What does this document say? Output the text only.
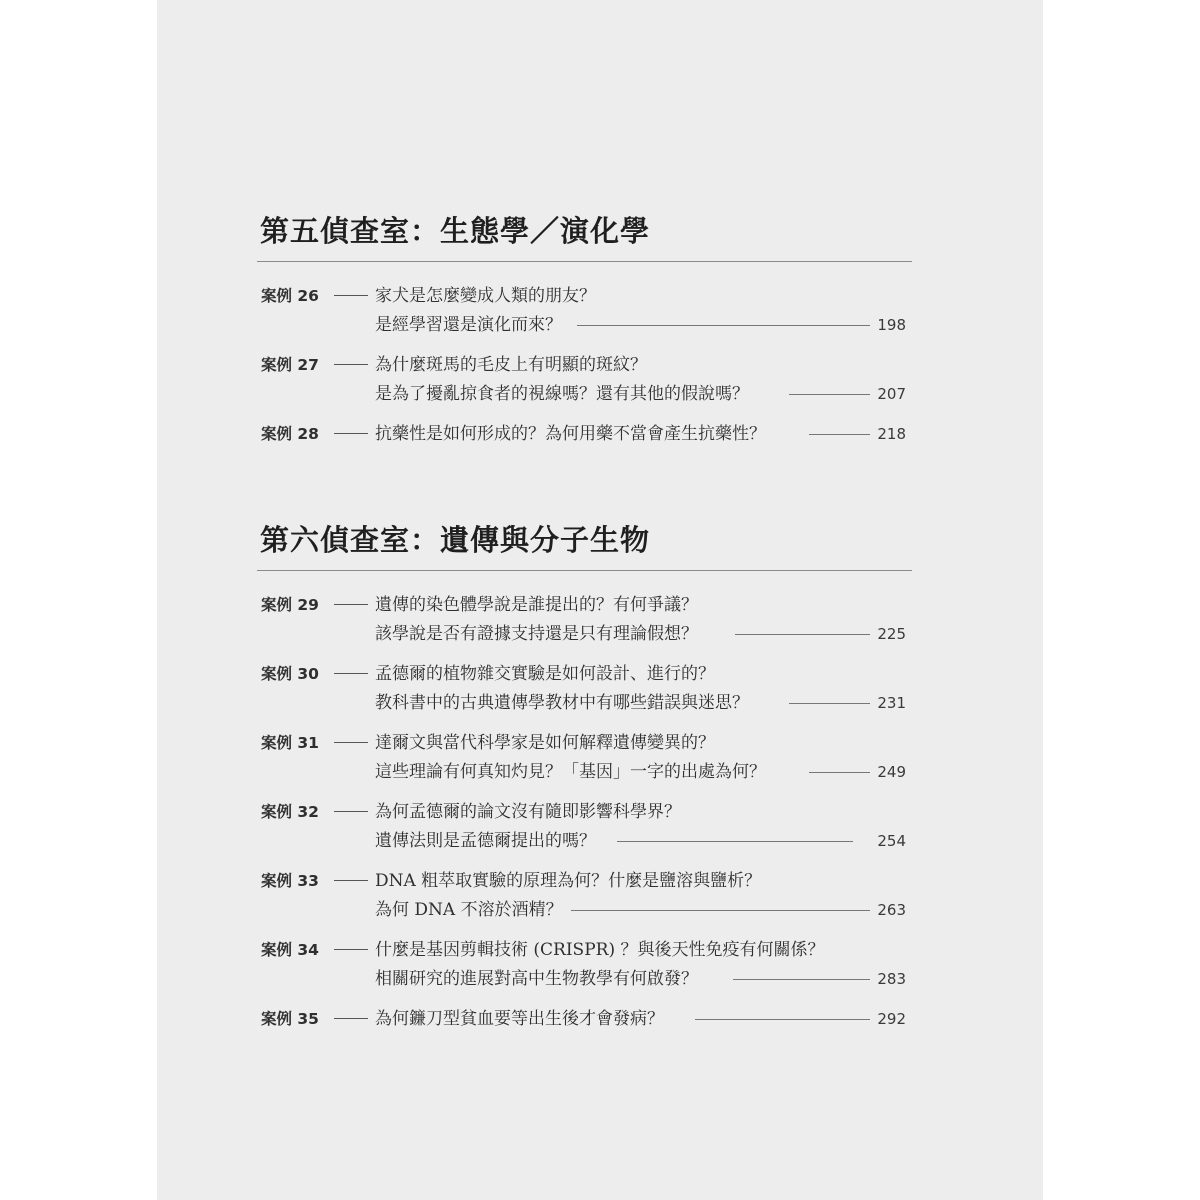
第五偵查室：生態學／演化學
案例 26	家犬是怎麼變成人類的朋友？
是經學習還是演化而來？	198
案例 27	為什麼斑馬的毛皮上有明顯的斑紋？
是為了擾亂掠食者的視線嗎？還有其他的假說嗎？	207
案例 28	抗藥性是如何形成的？為何用藥不當會產生抗藥性？	218
第六偵查室：遺傳與分子生物
案例 29	遺傳的染色體學說是誰提出的？有何爭議？
該學說是否有證據支持還是只有理論假想？	225
案例 30	孟德爾的植物雜交實驗是如何設計、進行的？
教科書中的古典遺傳學教材中有哪些錯誤與迷思？	231
案例 31	達爾文與當代科學家是如何解釋遺傳變異的？
這些理論有何真知灼見？「基因」一字的出處為何？	249
案例 32	為何孟德爾的論文沒有隨即影響科學界？
遺傳法則是孟德爾提出的嗎？	254
案例 33	DNA 粗萃取實驗的原理為何？什麼是鹽溶與鹽析？
為何 DNA 不溶於酒精？	263
案例 34	什麼是基因剪輯技術 (CRISPR) ？與後天性免疫有何關係？
相關研究的進展對高中生物教學有何啟發？	283
案例 35	為何鐮刀型貧血要等出生後才會發病？	292
